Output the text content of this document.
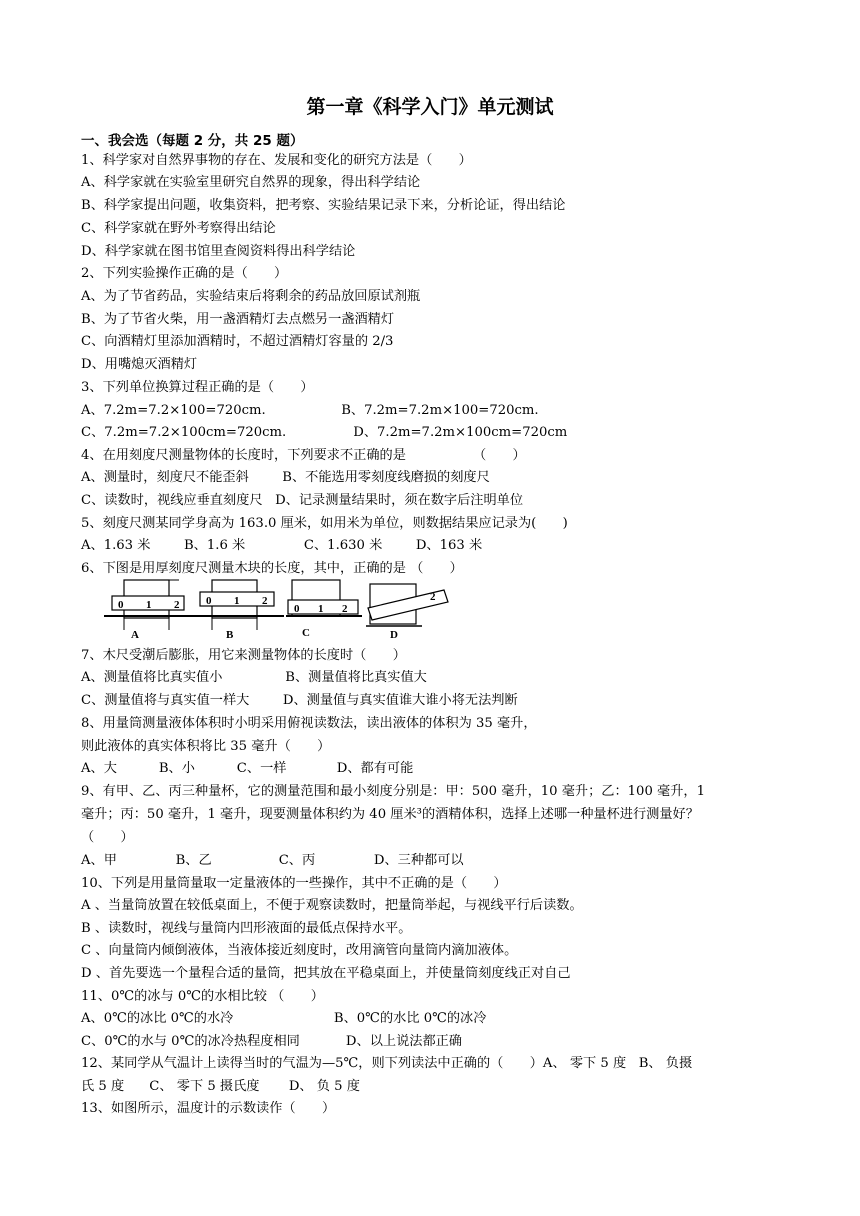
第一章《科学入门》单元测试
一、我会选（每题 2 分，共 25 题）
1、科学家对自然界事物的存在、发展和变化的研究方法是（　　）
A、科学家就在实验室里研究自然界的现象，得出科学结论
B、科学家提出问题，收集资料，把考察、实验结果记录下来，分析论证，得出结论
C、科学家就在野外考察得出结论
D、科学家就在图书馆里查阅资料得出科学结论
2、下列实验操作正确的是（　　）
A、为了节省药品，实验结束后将剩余的药品放回原试剂瓶
B、为了节省火柴，用一盏酒精灯去点燃另一盏酒精灯
C、向酒精灯里添加酒精时，不超过酒精灯容量的 2/3
D、用嘴熄灭酒精灯
3、下列单位换算过程正确的是（　　）
A、7.2m=7.2×100=720cm.                  B、7.2m=7.2m×100=720cm.
C、7.2m=7.2×100cm=720cm.                D、7.2m=7.2m×100cm=720cm
4、在用刻度尺测量物体的长度时，下列要求不正确的是                （　　）
A、测量时，刻度尺不能歪斜        B、不能选用零刻度线磨损的刻度尺
C、读数时，视线应垂直刻度尺   D、记录测量结果时，须在数字后注明单位
5、刻度尺测某同学身高为 163.0 厘米，如用米为单位，则数据结果应记录为(　　)
A、1.63 米        B、1.6 米              C、1.630 米        D、163 米
6、下图是用厚刻度尺测量木块的长度，其中，正确的是 （　　）
7、木尺受潮后膨胀，用它来测量物体的长度时（　　）
A、测量值将比真实值小               B、测量值将比真实值大
C、测量值将与真实值一样大        D、测量值与真实值谁大谁小将无法判断
8、用量筒测量液体体积时小明采用俯视读数法，读出液体的体积为 35 毫升，
则此液体的真实体积将比 35 毫升（　　）
A、大          B、小          C、一样            D、都有可能
9、有甲、乙、丙三种量杯，它的测量范围和最小刻度分别是：甲：500 毫升，10 毫升；乙：100 毫升，1
毫升；丙：50 毫升，1 毫升，现要测量体积约为 40 厘米³的酒精体积，选择上述哪一种量杯进行测量好？
（　　）
A、甲              B、乙                C、丙              D、三种都可以
10、下列是用量筒量取一定量液体的一些操作，其中不正确的是（　　）
A 、当量筒放置在较低桌面上，不便于观察读数时，把量筒举起，与视线平行后读数。
B 、读数时，视线与量筒内凹形液面的最低点保持水平。
C 、向量筒内倾倒液体，当液体接近刻度时，改用滴管向量筒内滴加液体。
D 、首先要选一个量程合适的量筒，把其放在平稳桌面上，并使量筒刻度线正对自己
11、0℃的冰与 0℃的水相比较 （　　）
A、0℃的冰比 0℃的水冷                        B、0℃的水比 0℃的冰冷
C、0℃的水与 0℃的冰冷热程度相同           D、以上说法都正确
12、某同学从气温计上读得当时的气温为—5℃，则下列读法中正确的（　　）A、 零下 5 度   B、 负摄
氏 5 度      C、 零下 5 摄氏度       D、 负 5 度
13、如图所示，温度计的示数读作（　　）
0 1 2
A
0 1 2
B
0 1 2
C
2
D
